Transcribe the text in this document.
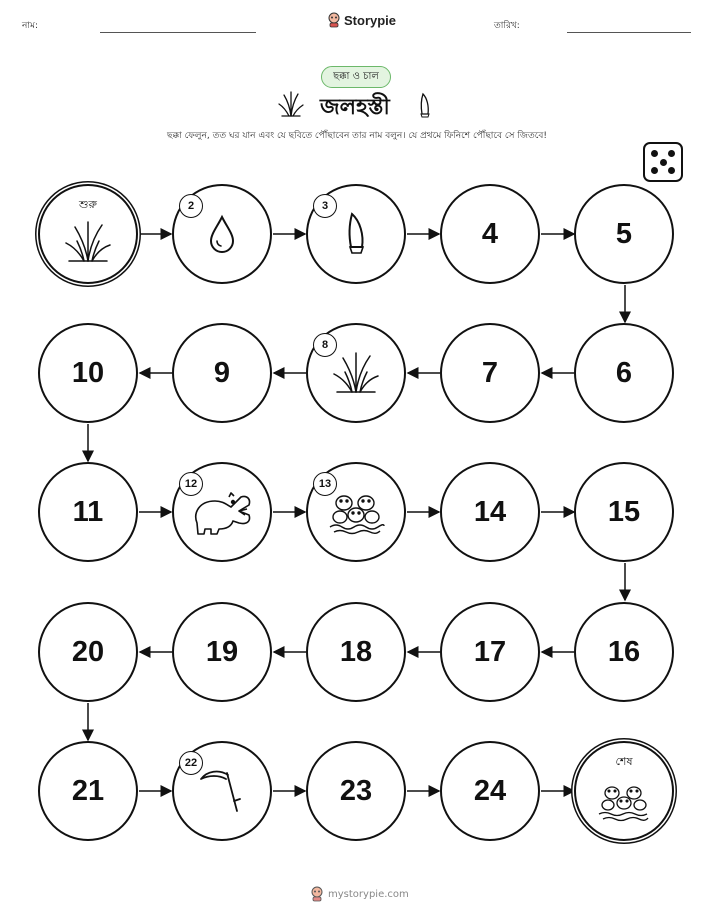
নাম:	Storypie	তারিখ:
ছক্কা ও চাল
জলহস্তী
ছক্কা ফেলুন, তত ঘর যান এবং যে ছবিতে পৌঁছাবেন তার নাম বলুন। যে প্রথমে ফিনিশে পৌঁছাবে সে জিতবে!
শুরু	2	3
4	5
10	9
8
7	6
11
12	13
14	15
20	19	18	17	16
21
22
23	24
শেষ
mystorypie.com
